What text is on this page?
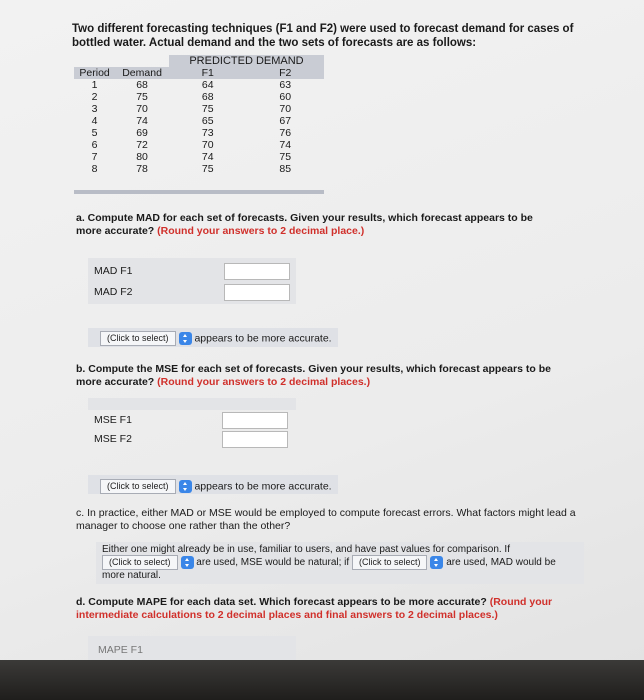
Two different forecasting techniques (F1 and F2) were used to forecast demand for cases of bottled water. Actual demand and the two sets of forecasts are as follows:
		PREDICTED DEMAND	
Period	Demand	F1	F2
1	68	64	63
2	75	68	60
3	70	75	70
4	74	65	67
5	69	73	76
6	72	70	74
7	80	74	75
8	78	75	85
a. Compute MAD for each set of forecasts. Given your results, which forecast appears to be more accurate? (Round your answers to 2 decimal place.)
MAD F1
MAD F2
(Click to select) appears to be more accurate.
b. Compute the MSE for each set of forecasts. Given your results, which forecast appears to be more accurate? (Round your answers to 2 decimal places.)
MSE F1
MSE F2
(Click to select) appears to be more accurate.
c. In practice, either MAD or MSE would be employed to compute forecast errors. What factors might lead a manager to choose one rather than the other?
Either one might already be in use, familiar to users, and have past values for comparison. If
(Click to select)	are used, MSE would be natural; if (Click to select)	are used, MAD would be
more natural.
d. Compute MAPE for each data set. Which forecast appears to be more accurate? (Round your intermediate calculations to 2 decimal places and final answers to 2 decimal places.)
MAPE F1
